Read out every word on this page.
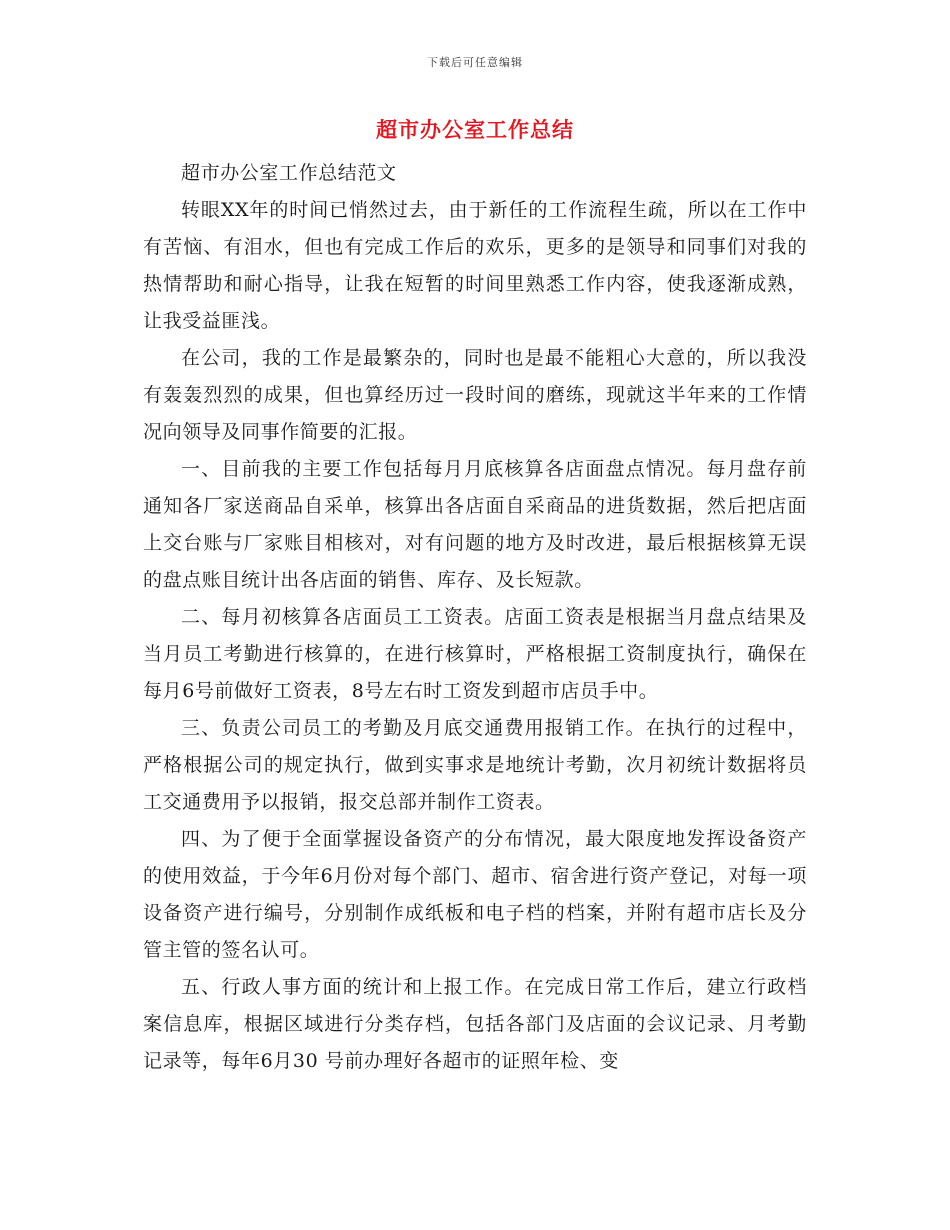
下载后可任意编辑
超市办公室工作总结

超市办公室工作总结范文

转眼XX年的时间已悄然过去，由于新任的工作流程生疏，所以在工作中有苦恼、有泪水，但也有完成工作后的欢乐，更多的是领导和同事们对我的热情帮助和耐心指导，让我在短暂的时间里熟悉工作内容，使我逐渐成熟，让我受益匪浅。

在公司，我的工作是最繁杂的，同时也是最不能粗心大意的，所以我没有轰轰烈烈的成果，但也算经历过一段时间的磨练，现就这半年来的工作情况向领导及同事作简要的汇报。

一、目前我的主要工作包括每月月底核算各店面盘点情况。每月盘存前通知各厂家送商品自采单，核算出各店面自采商品的进货数据，然后把店面上交台账与厂家账目相核对，对有问题的地方及时改进，最后根据核算无误的盘点账目统计出各店面的销售、库存、及长短款。

二、每月初核算各店面员工工资表。店面工资表是根据当月盘点结果及当月员工考勤进行核算的，在进行核算时，严格根据工资制度执行，确保在每月6号前做好工资表，8号左右时工资发到超市店员手中。

三、负责公司员工的考勤及月底交通费用报销工作。在执行的过程中，严格根据公司的规定执行，做到实事求是地统计考勤，次月初统计数据将员工交通费用予以报销，报交总部并制作工资表。

四、为了便于全面掌握设备资产的分布情况，最大限度地发挥设备资产的使用效益，于今年6月份对每个部门、超市、宿舍进行资产登记，对每一项设备资产进行编号，分别制作成纸板和电子档的档案，并附有超市店长及分管主管的签名认可。

五、行政人事方面的统计和上报工作。在完成日常工作后，建立行政档案信息库，根据区域进行分类存档，包括各部门及店面的会议记录、月考勤记录等，每年6月30 号前办理好各超市的证照年检、变
